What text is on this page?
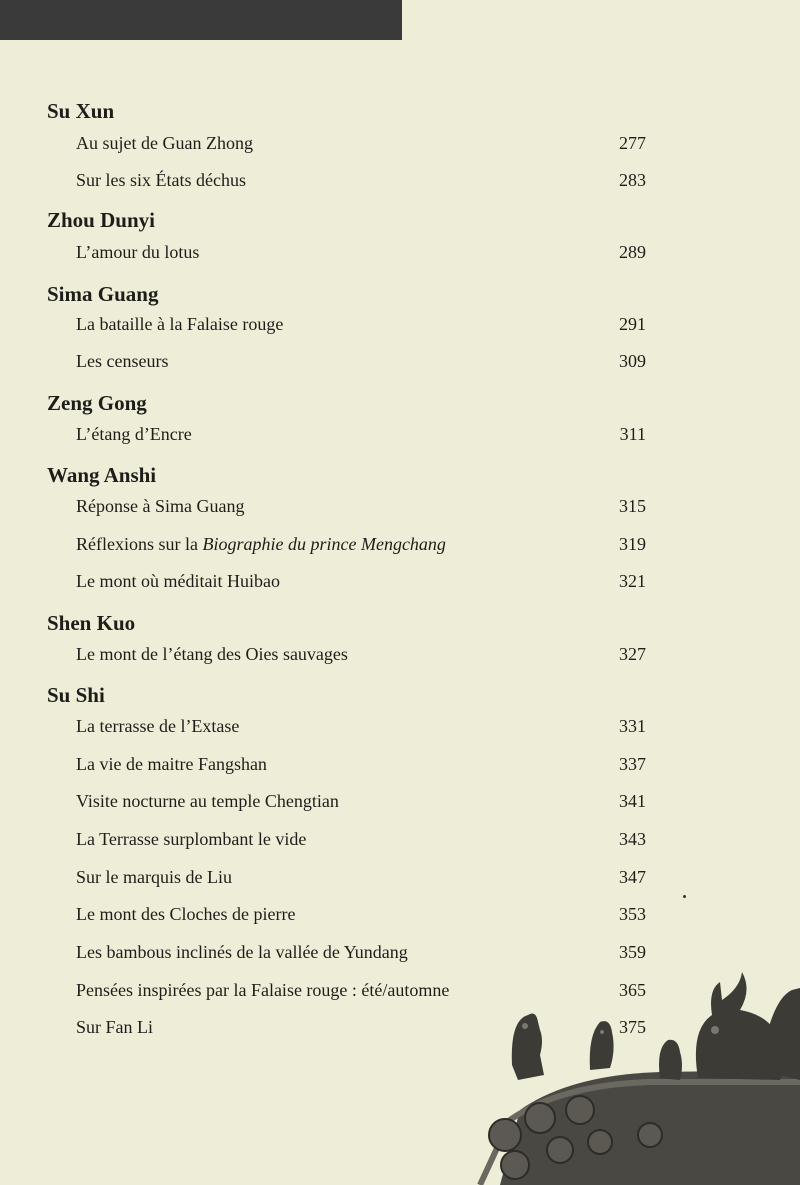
Su Xun
Au sujet de Guan Zhong	277
Sur les six États déchus	283
Zhou Dunyi
L’amour du lotus	289
Sima Guang
La bataille à la Falaise rouge	291
Les censeurs	309
Zeng Gong
L’étang d’Encre	311
Wang Anshi
Réponse à Sima Guang	315
Réflexions sur la Biographie du prince Mengchang	319
Le mont où méditait Huibao	321
Shen Kuo
Le mont de l’étang des Oies sauvages	327
Su Shi
La terrasse de l’Extase	331
La vie de maitre Fangshan	337
Visite nocturne au temple Chengtian	341
La Terrasse surplombant le vide	343
Sur le marquis de Liu	347
Le mont des Cloches de pierre	353
Les bambous inclinés de la vallée de Yundang	359
Pensées inspirées par la Falaise rouge : été/automne	365
Sur Fan Li	375
